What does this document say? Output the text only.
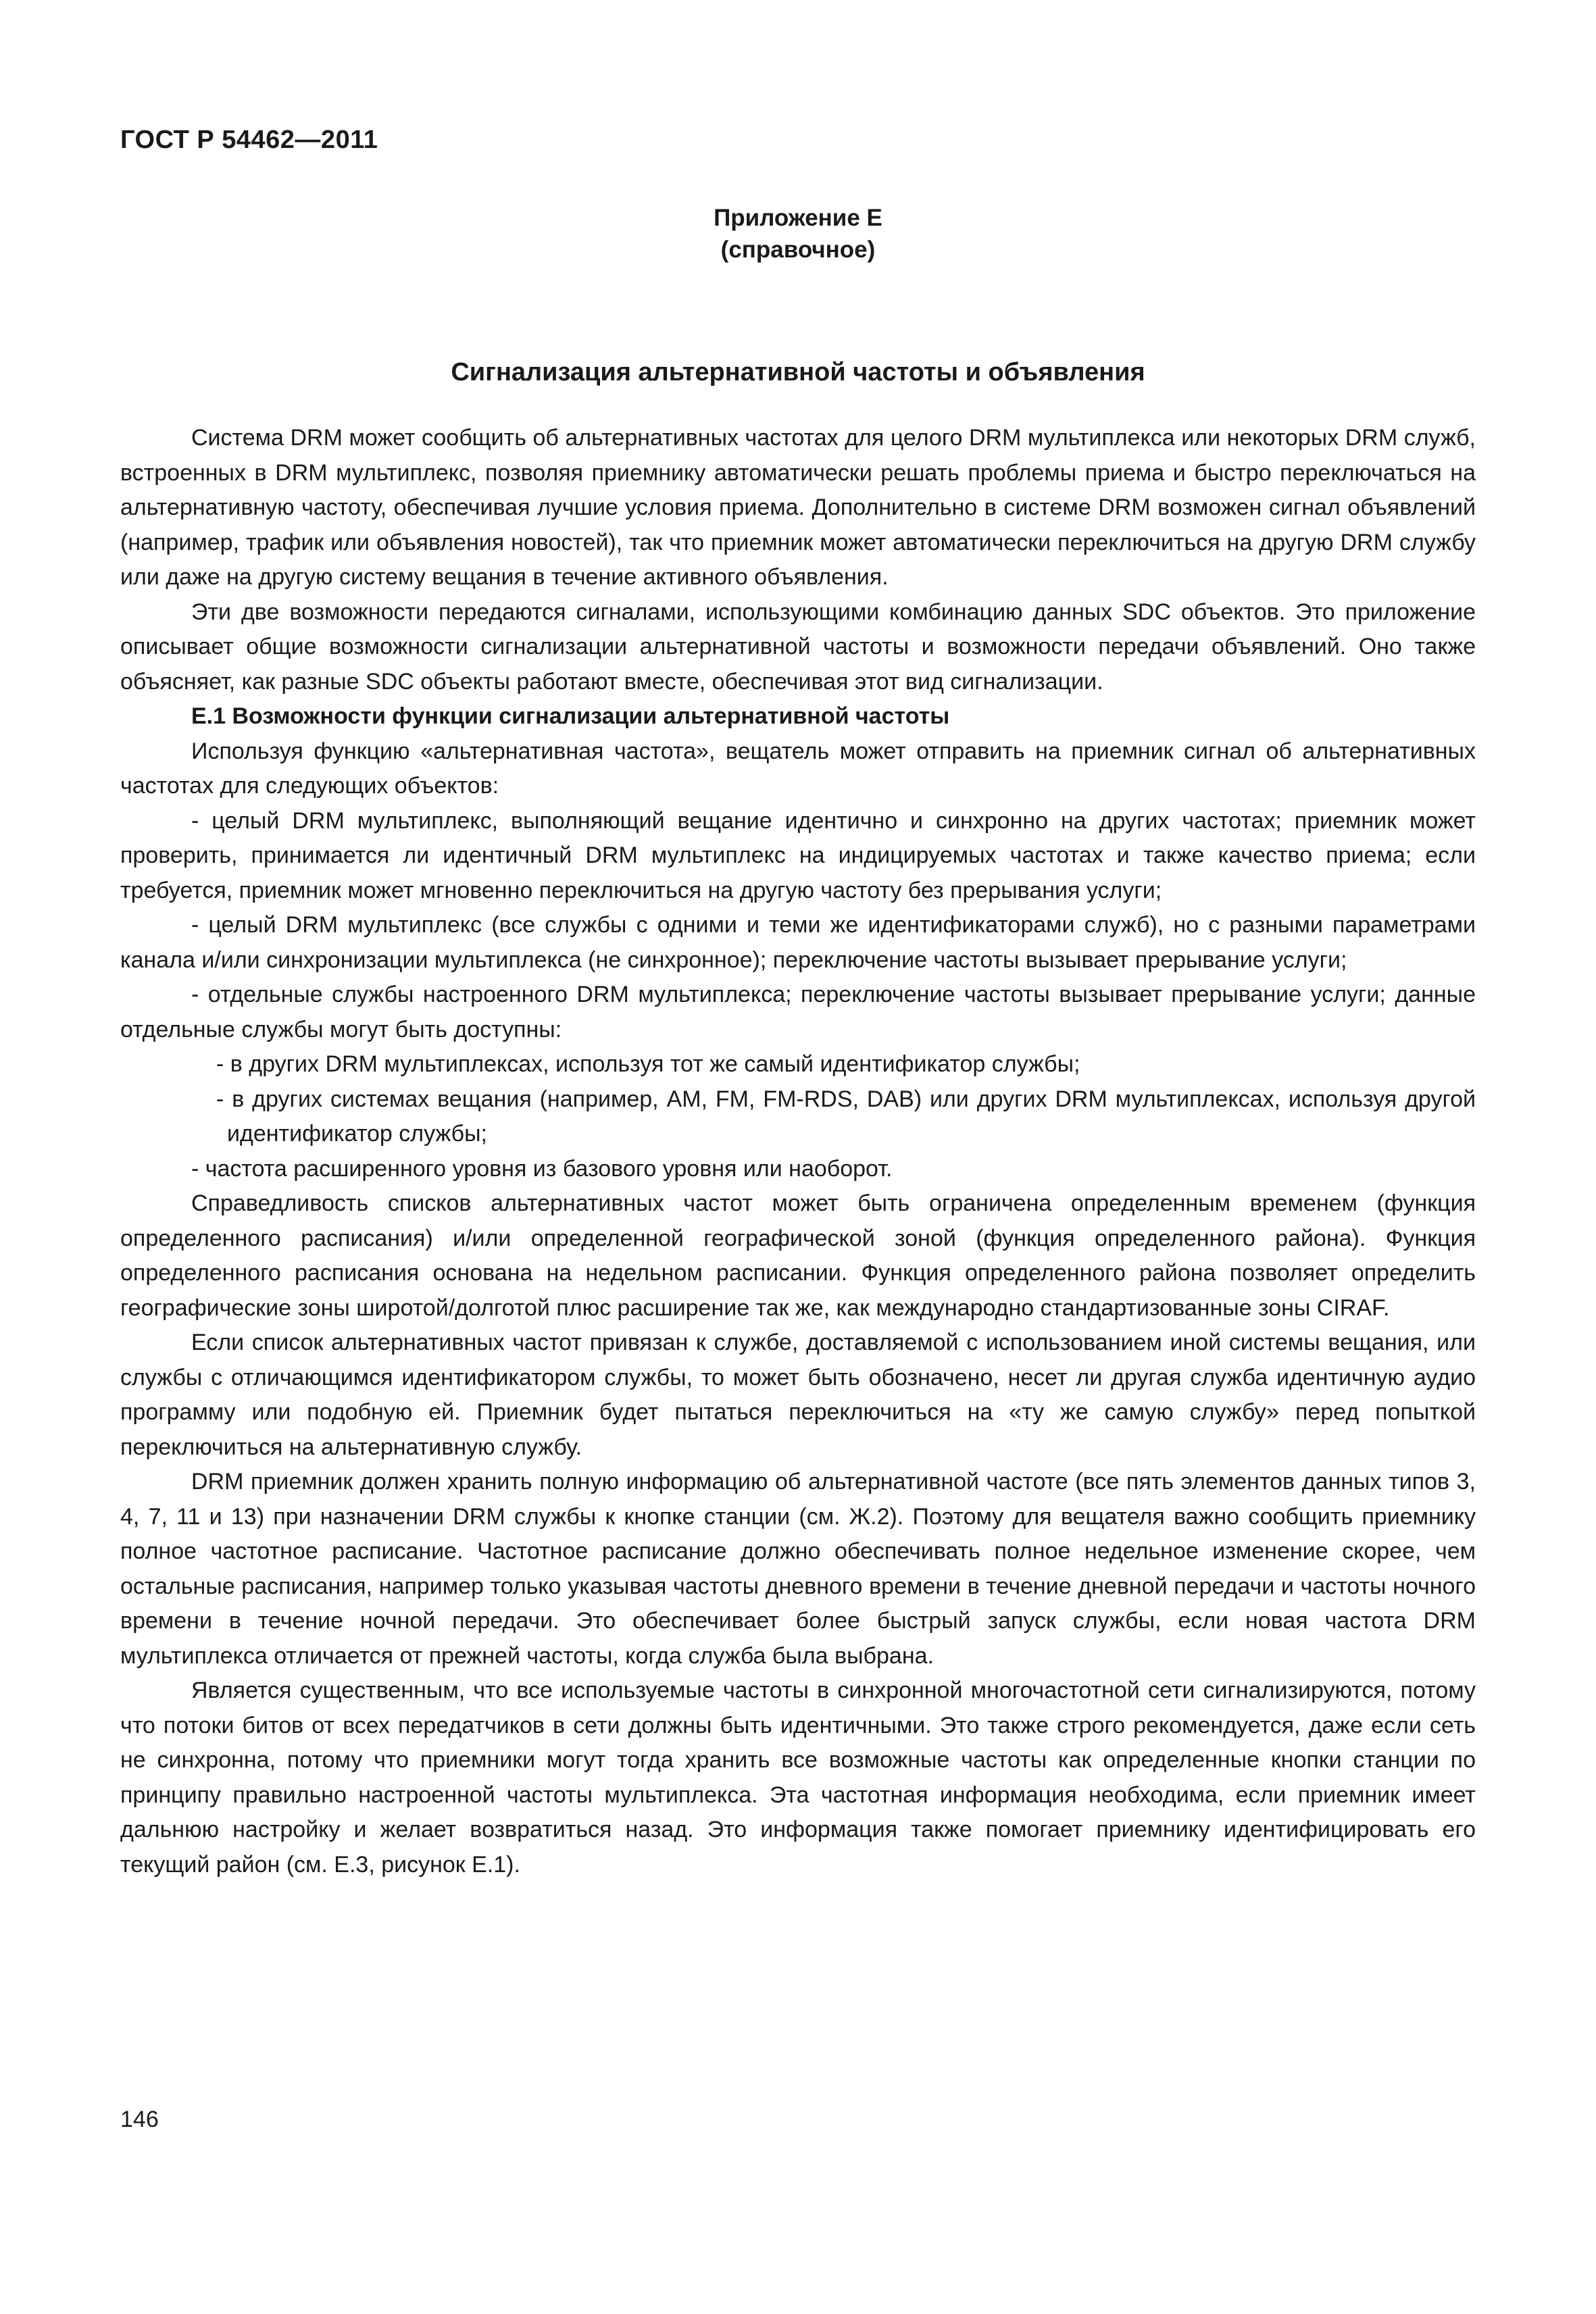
ГОСТ Р 54462—2011
Приложение Е
(справочное)
Сигнализация альтернативной частоты и объявления

Система DRM может сообщить об альтернативных частотах для целого DRM мультиплекса или некоторых DRM служб, встроенных в DRM мультиплекс, позволяя приемнику автоматически решать проблемы приема и быстро переключаться на альтернативную частоту, обеспечивая лучшие условия приема. Дополнительно в системе DRM возможен сигнал объявлений (например, трафик или объявления новостей), так что приемник может автоматически переключиться на другую DRM службу или даже на другую систему вещания в течение активного объявления.

Эти две возможности передаются сигналами, использующими комбинацию данных SDC объектов. Это приложение описывает общие возможности сигнализации альтернативной частоты и возможности передачи объявлений. Оно также объясняет, как разные SDC объекты работают вместе, обеспечивая этот вид сигнализации.

Е.1 Возможности функции сигнализации альтернативной частоты

Используя функцию «альтернативная частота», вещатель может отправить на приемник сигнал об альтернативных частотах для следующих объектов:

- целый DRM мультиплекс, выполняющий вещание идентично и синхронно на других частотах; приемник может проверить, принимается ли идентичный DRM мультиплекс на индицируемых частотах и также качество приема; если требуется, приемник может мгновенно переключиться на другую частоту без прерывания услуги;

- целый DRM мультиплекс (все службы с одними и теми же идентификаторами служб), но с разными параметрами канала и/или синхронизации мультиплекса (не синхронное); переключение частоты вызывает прерывание услуги;

- отдельные службы настроенного DRM мультиплекса; переключение частоты вызывает прерывание услуги; данные отдельные службы могут быть доступны:

- в других DRM мультиплексах, используя тот же самый идентификатор службы;

- в других системах вещания (например, AM, FM, FM-RDS, DAB) или других DRM мультиплексах, используя другой идентификатор службы;

- частота расширенного уровня из базового уровня или наоборот.

Справедливость списков альтернативных частот может быть ограничена определенным временем (функция определенного расписания) и/или определенной географической зоной (функция определенного района). Функция определенного расписания основана на недельном расписании. Функция определенного района позволяет определить географические зоны широтой/долготой плюс расширение так же, как международно стандартизованные зоны CIRAF.

Если список альтернативных частот привязан к службе, доставляемой с использованием иной системы вещания, или службы с отличающимся идентификатором службы, то может быть обозначено, несет ли другая служба идентичную аудио программу или подобную ей. Приемник будет пытаться переключиться на «ту же самую службу» перед попыткой переключиться на альтернативную службу.

DRM приемник должен хранить полную информацию об альтернативной частоте (все пять элементов данных типов 3, 4, 7, 11 и 13) при назначении DRM службы к кнопке станции (см. Ж.2). Поэтому для вещателя важно сообщить приемнику полное частотное расписание. Частотное расписание должно обеспечивать полное недельное изменение скорее, чем остальные расписания, например только указывая частоты дневного времени в течение дневной передачи и частоты ночного времени в течение ночной передачи. Это обеспечивает более быстрый запуск службы, если новая частота DRM мультиплекса отличается от прежней частоты, когда служба была выбрана.

Является существенным, что все используемые частоты в синхронной многочастотной сети сигнализируются, потому что потоки битов от всех передатчиков в сети должны быть идентичными. Это также строго рекомендуется, даже если сеть не синхронна, потому что приемники могут тогда хранить все возможные частоты как определенные кнопки станции по принципу правильно настроенной частоты мультиплекса. Эта частотная информация необходима, если приемник имеет дальнюю настройку и желает возвратиться назад. Это информация также помогает приемнику идентифицировать его текущий район (см. Е.3, рисунок Е.1).

146
